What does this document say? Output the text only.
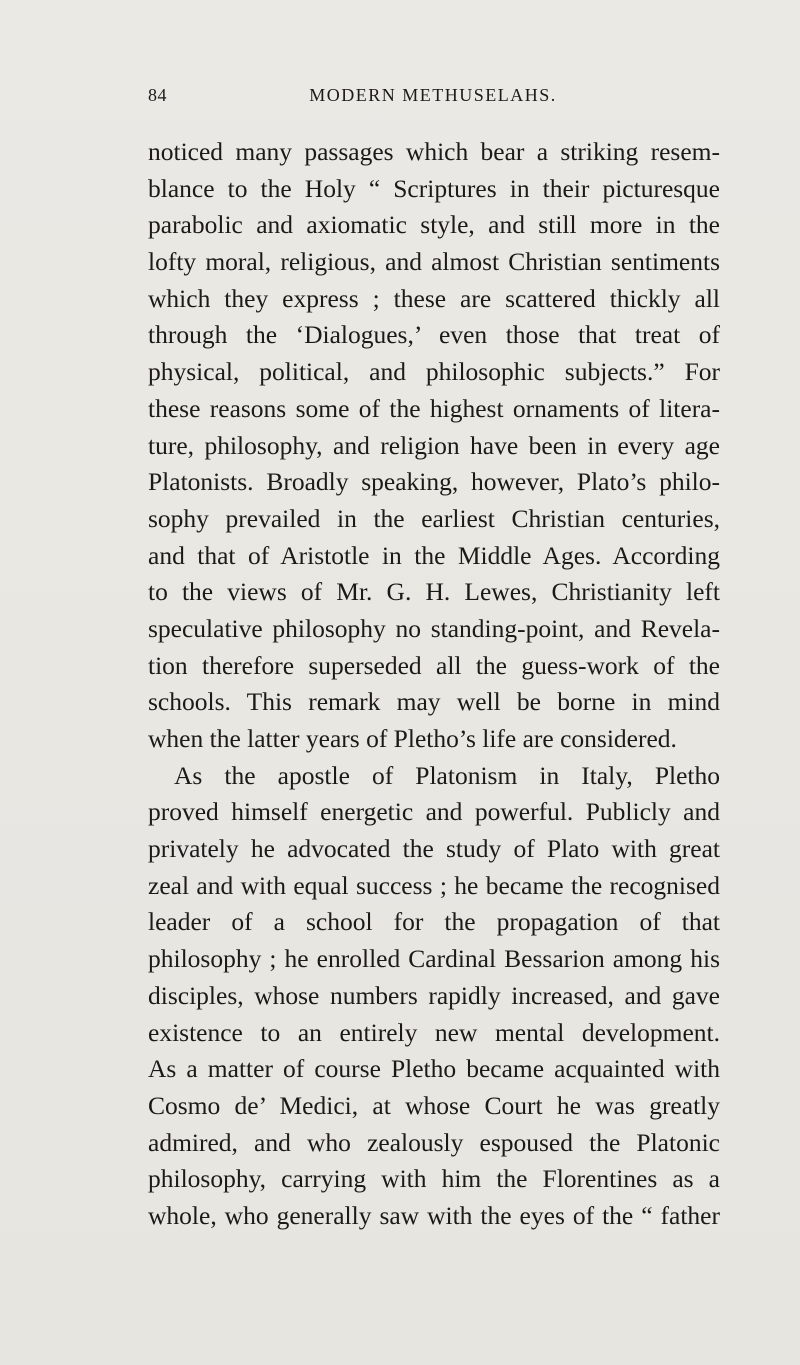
84	MODERN METHUSELAHS.
noticed many passages which bear a striking resem-
blance to the Holy “ Scriptures in their picturesque
parabolic and axiomatic style, and still more in the
lofty moral, religious, and almost Christian sentiments
which they express ; these are scattered thickly all
through the ‘Dialogues,’ even those that treat of
physical, political, and philosophic subjects.” For
these reasons some of the highest ornaments of litera-
ture, philosophy, and religion have been in every age
Platonists. Broadly speaking, however, Plato’s philo-
sophy prevailed in the earliest Christian centuries,
and that of Aristotle in the Middle Ages. According
to the views of Mr. G. H. Lewes, Christianity left
speculative philosophy no standing-point, and Revela-
tion therefore superseded all the guess-work of the
schools. This remark may well be borne in mind
when the latter years of Pletho’s life are considered.
As the apostle of Platonism in Italy, Pletho
proved himself energetic and powerful. Publicly and
privately he advocated the study of Plato with great
zeal and with equal success ; he became the recognised
leader of a school for the propagation of that
philosophy ; he enrolled Cardinal Bessarion among his
disciples, whose numbers rapidly increased, and gave
existence to an entirely new mental development.
As a matter of course Pletho became acquainted with
Cosmo de’ Medici, at whose Court he was greatly
admired, and who zealously espoused the Platonic
philosophy, carrying with him the Florentines as a
whole, who generally saw with the eyes of the “ father
